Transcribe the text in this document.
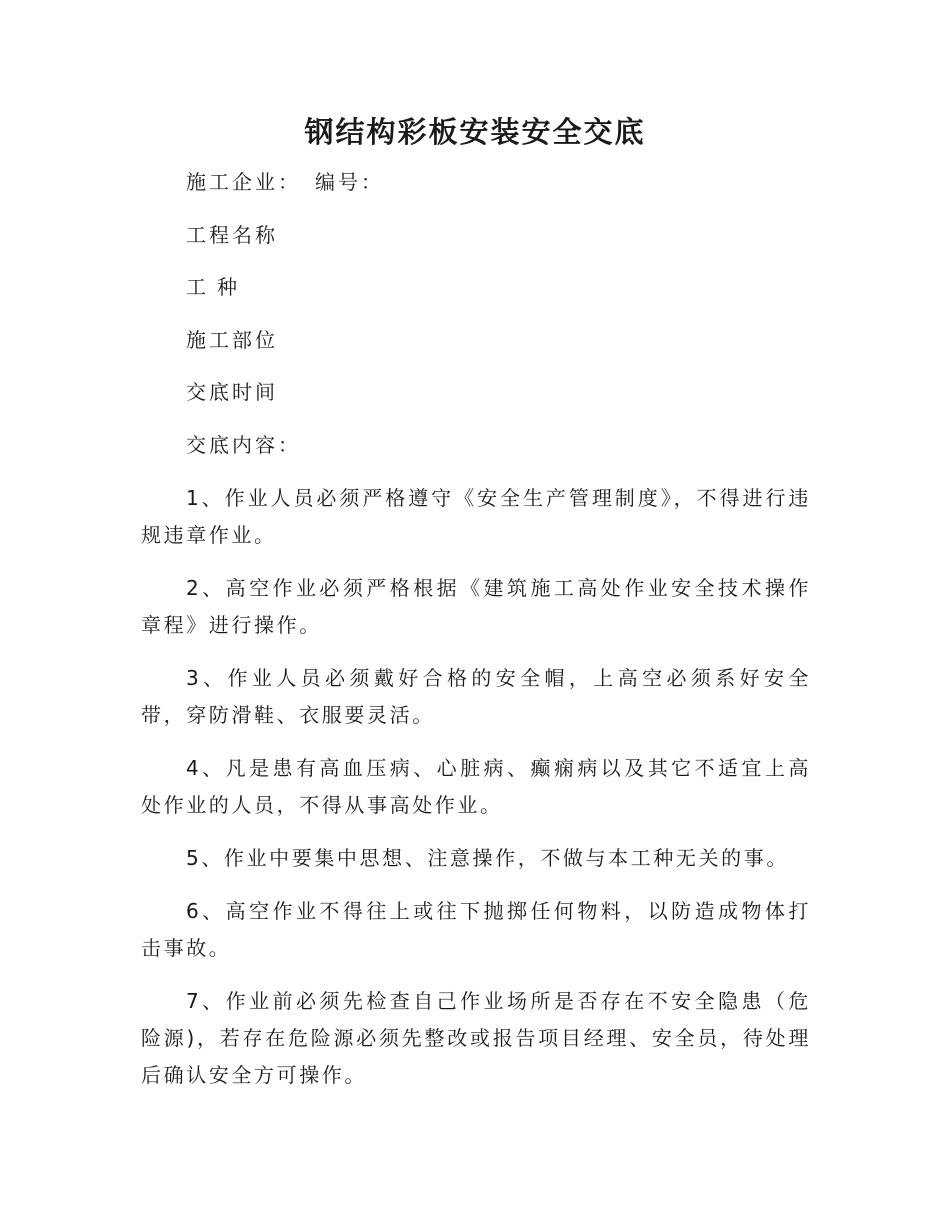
钢结构彩板安装安全交底
施工企业： 编号：
工程名称
工 种
施工部位
交底时间
交底内容：

1、作业人员必须严格遵守《安全生产管理制度》，不得进行违规违章作业。

2、高空作业必须严格根据《建筑施工高处作业安全技术操作章程》进行操作。

3、作业人员必须戴好合格的安全帽，上高空必须系好安全带，穿防滑鞋、衣服要灵活。

4、凡是患有高血压病、心脏病、癫痫病以及其它不适宜上高处作业的人员，不得从事高处作业。

5、作业中要集中思想、注意操作，不做与本工种无关的事。

6、高空作业不得往上或往下抛掷任何物料，以防造成物体打击事故。

7、作业前必须先检查自己作业场所是否存在不安全隐患（危险源)，若存在危险源必须先整改或报告项目经理、安全员，待处理后确认安全方可操作。
